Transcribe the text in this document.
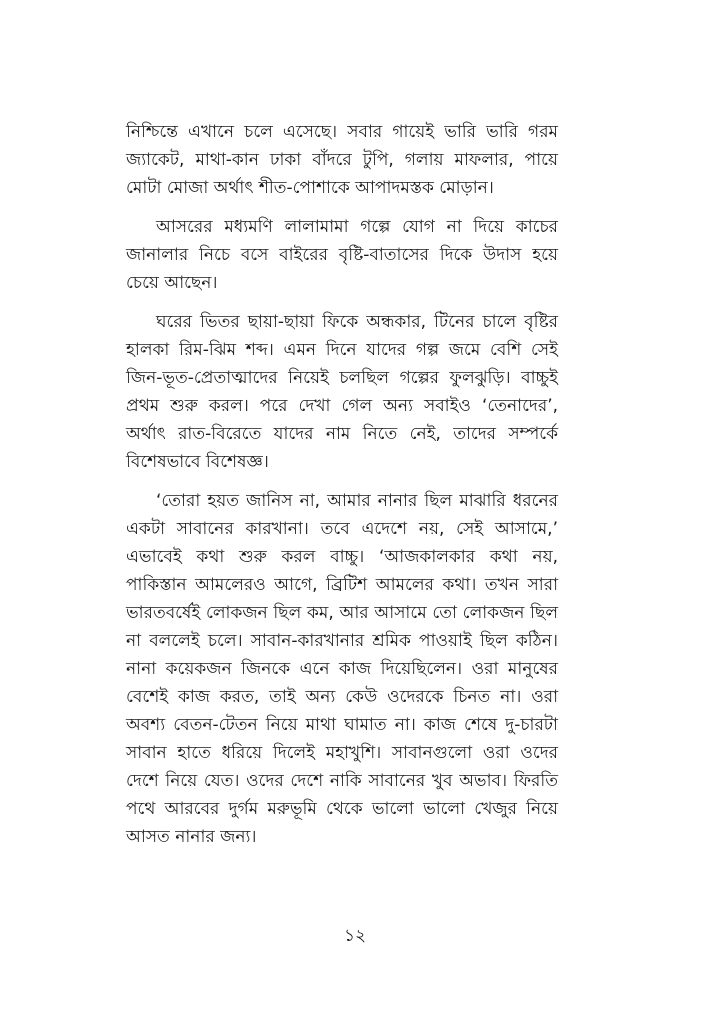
নিশ্চিন্তে এখানে চলে এসেছে। সবার গায়েই ভারি ভারি গরম জ্যাকেট, মাথা-কান ঢাকা বাঁদরে টুপি, গলায় মাফলার, পায়ে মোটা মোজা অর্থাৎ শীত-পোশাকে আপাদমস্তক মোড়ান।

আসরের মধ্যমণি লালামামা গল্পে যোগ না দিয়ে কাচের জানালার নিচে বসে বাইরের বৃষ্টি-বাতাসের দিকে উদাস হয়ে চেয়ে আছেন।

ঘরের ভিতর ছায়া-ছায়া ফিকে অন্ধকার, টিনের চালে বৃষ্টির হালকা রিম-ঝিম শব্দ। এমন দিনে যাদের গল্প জমে বেশি সেই জিন-ভূত-প্রেতাত্মাদের নিয়েই চলছিল গল্পের ফুলঝুড়ি। বাচ্চুই প্রথম শুরু করল। পরে দেখা গেল অন্য সবাইও ‘তেনাদের’, অর্থাৎ রাত-বিরেতে যাদের নাম নিতে নেই, তাদের সম্পর্কে বিশেষভাবে বিশেষজ্ঞ।

‘তোরা হয়ত জানিস না, আমার নানার ছিল মাঝারি ধরনের একটা সাবানের কারখানা। তবে এদেশে নয়, সেই আসামে,’ এভাবেই কথা শুরু করল বাচ্চু। ‘আজকালকার কথা নয়, পাকিস্তান আমলেরও আগে, ব্রিটিশ আমলের কথা। তখন সারা ভারতবর্ষেই লোকজন ছিল কম, আর আসামে তো লোকজন ছিল না বললেই চলে। সাবান-কারখানার শ্রমিক পাওয়াই ছিল কঠিন। নানা কয়েকজন জিনকে এনে কাজ দিয়েছিলেন। ওরা মানুষের বেশেই কাজ করত, তাই অন্য কেউ ওদেরকে চিনত না। ওরা অবশ্য বেতন-টেতন নিয়ে মাথা ঘামাত না। কাজ শেষে দু-চারটা সাবান হাতে ধরিয়ে দিলেই মহাখুশি। সাবানগুলো ওরা ওদের দেশে নিয়ে যেত। ওদের দেশে নাকি সাবানের খুব অভাব। ফিরতি পথে আরবের দুর্গম মরুভূমি থেকে ভালো ভালো খেজুর নিয়ে আসত নানার জন্য।

১২
